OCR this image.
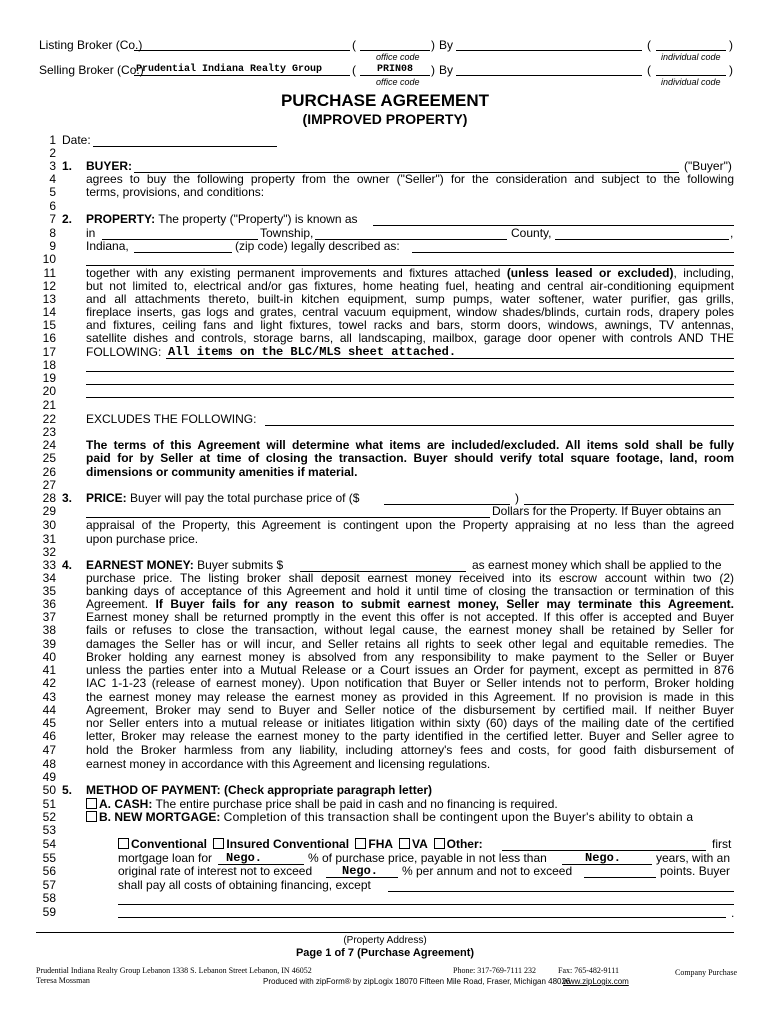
Listing Broker (Co.)	(	) By	(	)
office code	individual code
Selling Broker (Co.)
Prudential Indiana Realty Group ( PRIN08 ) By	(	)
office code	individual code
PURCHASE AGREEMENT
(IMPROVED PROPERTY)
1
2
3
4
5
6
7
8
9
10
11
12
13
14
15
16
17
18
19
20
21
22
23
24
25
26
27
28
29
30
31
32
33
34
35
36
37
38
39
40
41
42
43
44
45
46
47
48
49
50
51
52
53
54
55
56
57
58
59
Date:
1. BUYER:	("Buyer")
agrees to buy the following property from the owner ("Seller") for the consideration and subject to the following
terms, provisions, and conditions:
2. PROPERTY: The property ("Property") is known as
in	Township,	County,	,
Indiana,	(zip code) legally described as:
together with any existing permanent improvements and fixtures attached (unless leased or excluded), including,
but not limited to, electrical and/or gas fixtures, home heating fuel, heating and central air-conditioning equipment
and all attachments thereto, built-in kitchen equipment, sump pumps, water softener, water purifier, gas grills,
fireplace inserts, gas logs and grates, central vacuum equipment, window shades/blinds, curtain rods, drapery poles
and fixtures, ceiling fans and light fixtures, towel racks and bars, storm doors, windows, awnings, TV antennas,
satellite dishes and controls, storage barns, all landscaping, mailbox, garage door opener with controls AND THE
FOLLOWING: All items on the BLC/MLS sheet attached.
EXCLUDES THE FOLLOWING:
The terms of this Agreement will determine what items are included/excluded. All items sold shall be fully
paid for by Seller at time of closing the transaction. Buyer should verify total square footage, land, room
dimensions or community amenities if material.
3. PRICE: Buyer will pay the total purchase price of ($	)
Dollars for the Property. If Buyer obtains an
appraisal of the Property, this Agreement is contingent upon the Property appraising at no less than the agreed
upon purchase price.
4. EARNEST MONEY: Buyer submits $	as earnest money which shall be applied to the
purchase price. The listing broker shall deposit earnest money received into its escrow account within two (2)
banking days of acceptance of this Agreement and hold it until time of closing the transaction or termination of this
Agreement. If Buyer fails for any reason to submit earnest money, Seller may terminate this Agreement.
Earnest money shall be returned promptly in the event this offer is not accepted. If this offer is accepted and Buyer
fails or refuses to close the transaction, without legal cause, the earnest money shall be retained by Seller for
damages the Seller has or will incur, and Seller retains all rights to seek other legal and equitable remedies. The
Broker holding any earnest money is absolved from any responsibility to make payment to the Seller or Buyer
unless the parties enter into a Mutual Release or a Court issues an Order for payment, except as permitted in 876
IAC 1-1-23 (release of earnest money). Upon notification that Buyer or Seller intends not to perform, Broker holding
the earnest money may release the earnest money as provided in this Agreement. If no provision is made in this
Agreement, Broker may send to Buyer and Seller notice of the disbursement by certified mail. If neither Buyer
nor Seller enters into a mutual release or initiates litigation within sixty (60) days of the mailing date of the certified
letter, Broker may release the earnest money to the party identified in the certified letter. Buyer and Seller agree to
hold the Broker harmless from any liability, including attorney's fees and costs, for good faith disbursement of
earnest money in accordance with this Agreement and licensing regulations.
5. METHOD OF PAYMENT: (Check appropriate paragraph letter)
A. CASH: The entire purchase price shall be paid in cash and no financing is required.
B. NEW MORTGAGE: Completion of this transaction shall be contingent upon the Buyer's ability to obtain a
Conventional Insured Conventional FHA VA Other:	first
mortgage loan for Nego.	% of purchase price, payable in not less than	Nego.	years, with an
original rate of interest not to exceed Nego. % per annum and not to exceed	points. Buyer
shall pay all costs of obtaining financing, except
.
(Property Address)
Page 1 of 7 (Purchase Agreement)
Prudential Indiana Realty Group Lebanon 1338 S. Lebanon Street Lebanon, IN 46052
Teresa Mossman
Phone: 317-769-7111 232	Fax: 765-482-9111	Company Purchase
Produced with zipForm® by zipLogix 18070 Fifteen Mile Road, Fraser, Michigan 48026
www.zipLogix.com
